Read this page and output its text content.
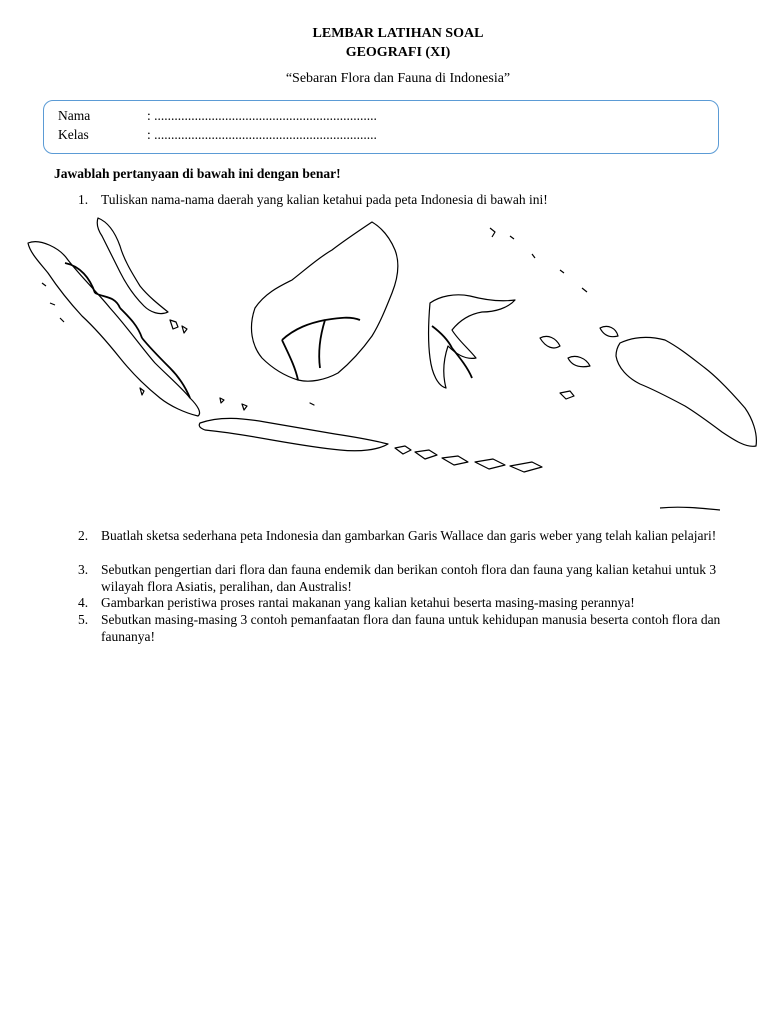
LEMBAR LATIHAN SOAL
GEOGRAFI (XI)
“Sebaran Flora dan Fauna di Indonesia”
Nama	: ..................................................................
Kelas	: ..................................................................
Jawablah pertanyaan di bawah ini dengan benar!
1. Tuliskan nama-nama daerah yang kalian ketahui pada peta Indonesia di bawah ini!
2. Buatlah sketsa sederhana peta Indonesia dan gambarkan Garis Wallace dan garis weber yang telah kalian pelajari!
3. Sebutkan pengertian dari flora dan fauna endemik dan berikan contoh flora dan fauna yang kalian ketahui untuk 3 wilayah flora Asiatis, peralihan, dan Australis!
4. Gambarkan peristiwa proses rantai makanan yang kalian ketahui beserta masing-masing perannya!
5. Sebutkan masing-masing 3 contoh pemanfaatan flora dan fauna untuk kehidupan manusia beserta contoh flora dan faunanya!
